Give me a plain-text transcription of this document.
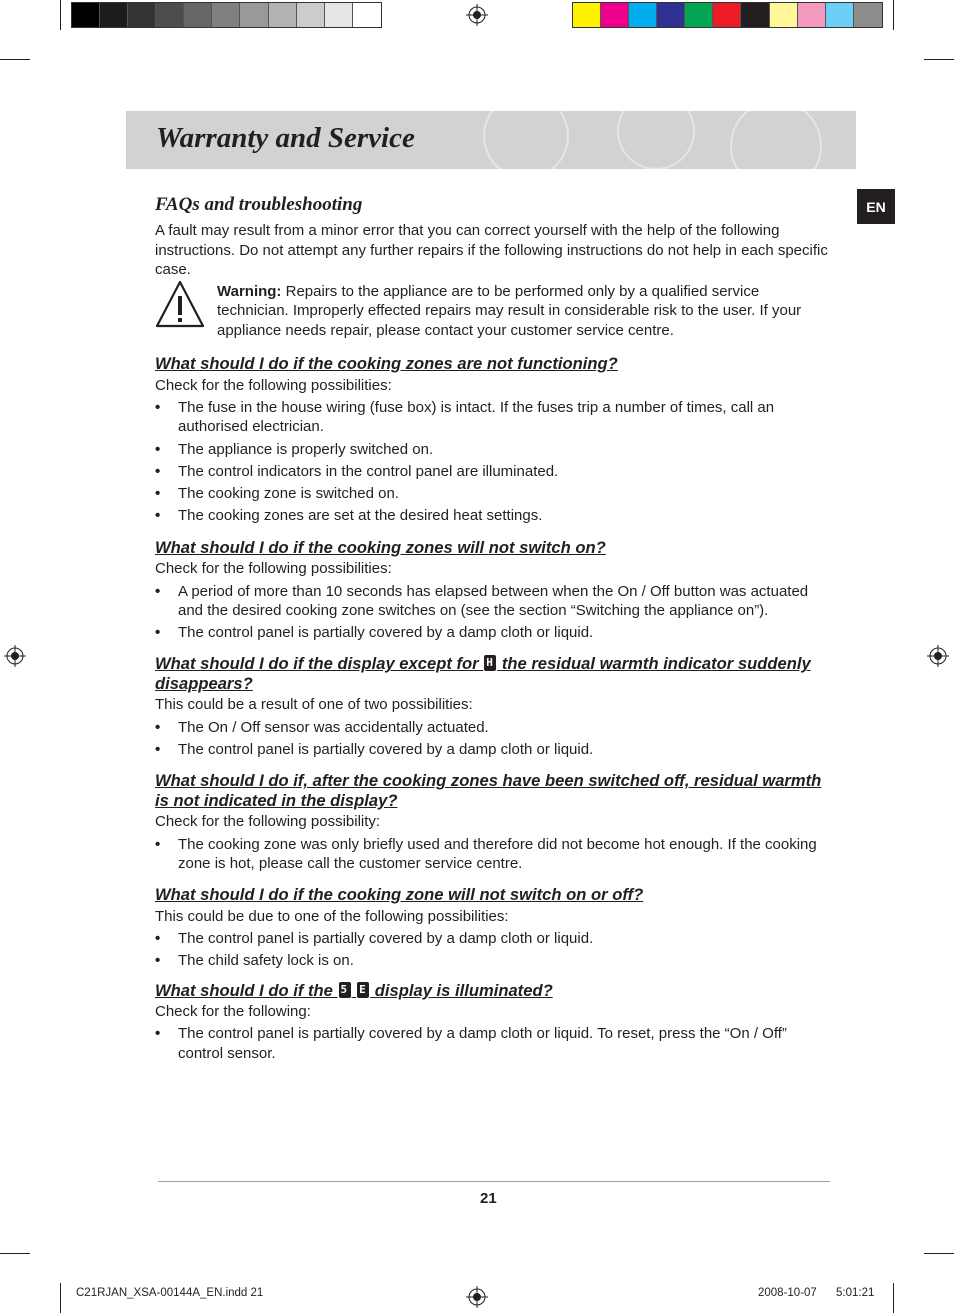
Warranty and Service
EN
FAQs and troubleshooting

A fault may result from a minor error that you can correct yourself with the help of the following instructions. Do not attempt any further repairs if the following instructions do not help in each specific case.

Warning: Repairs to the appliance are to be performed only by a qualified service technician. Improperly effected repairs may result in considerable risk to the user. If your appliance needs repair, please contact your customer service centre.

What should I do if the cooking zones are not functioning?

Check for the following possibilities:

• The fuse in the house wiring (fuse box) is intact. If the fuses trip a number of times, call an authorised electrician.
• The appliance is properly switched on.
• The control indicators in the control panel are illuminated.
• The cooking zone is switched on.
• The cooking zones are set at the desired heat settings.

What should I do if the cooking zones will not switch on?

Check for the following possibilities:

• A period of more than 10 seconds has elapsed between when the On / Off button was actuated and the desired cooking zone switches on (see the section “Switching the appliance on”).
• The control panel is partially covered by a damp cloth or liquid.

What should I do if the display except for H the residual warmth indicator suddenly disappears?

This could be a result of one of two possibilities:

• The On / Off sensor was accidentally actuated.
• The control panel is partially covered by a damp cloth or liquid.

What should I do if, after the cooking zones have been switched off, residual warmth is not indicated in the display?

Check for the following possibility:

• The cooking zone was only briefly used and therefore did not become hot enough. If the cooking zone is hot, please call the customer service centre.

What should I do if the cooking zone will not switch on or off?

This could be due to one of the following possibilities:

• The control panel is partially covered by a damp cloth or liquid.
• The child safety lock is on.

What should I do if the 5
E display is illuminated?

Check for the following:

• The control panel is partially covered by a damp cloth or liquid. To reset, press the “On / Off” control sensor.
21
C21RJAN_XSA-00144A_EN.indd 21	2008-10-07 5:01:21
